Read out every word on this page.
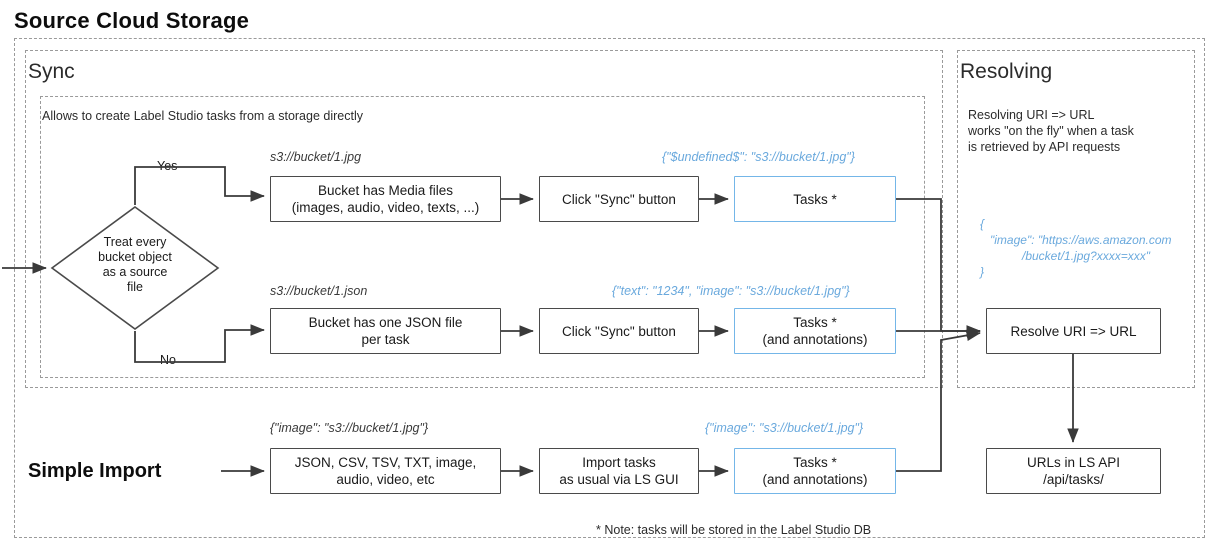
Source Cloud Storage
Sync	Resolving
Allows to create Label Studio tasks from a storage directly	Resolving URI => URL
works "on the fly" when a task
is retrieved by API requests
{
"image": "https://aws.amazon.com
/bucket/1.jpg?xxxx=xxx"
}
Treat every
bucket object
as a source
file
Yes
No
s3://bucket/1.jpg
Bucket has Media files
(images, audio, video, texts, ...)
Click "Sync" button
{"$undefined$": "s3://bucket/1.jpg"}
Tasks *
s3://bucket/1.json
Bucket has one JSON file
per task
Click "Sync" button
{"text": "1234", "image": "s3://bucket/1.jpg"}
Tasks *
(and annotations)
Simple Import
{"image": "s3://bucket/1.jpg"}
JSON, CSV, TSV, TXT, image,
audio, video, etc
Import tasks
as usual via LS GUI
{"image": "s3://bucket/1.jpg"}
Tasks *
(and annotations)
Resolve URI => URL
URLs in LS API
/api/tasks/
* Note: tasks will be stored in the Label Studio DB
